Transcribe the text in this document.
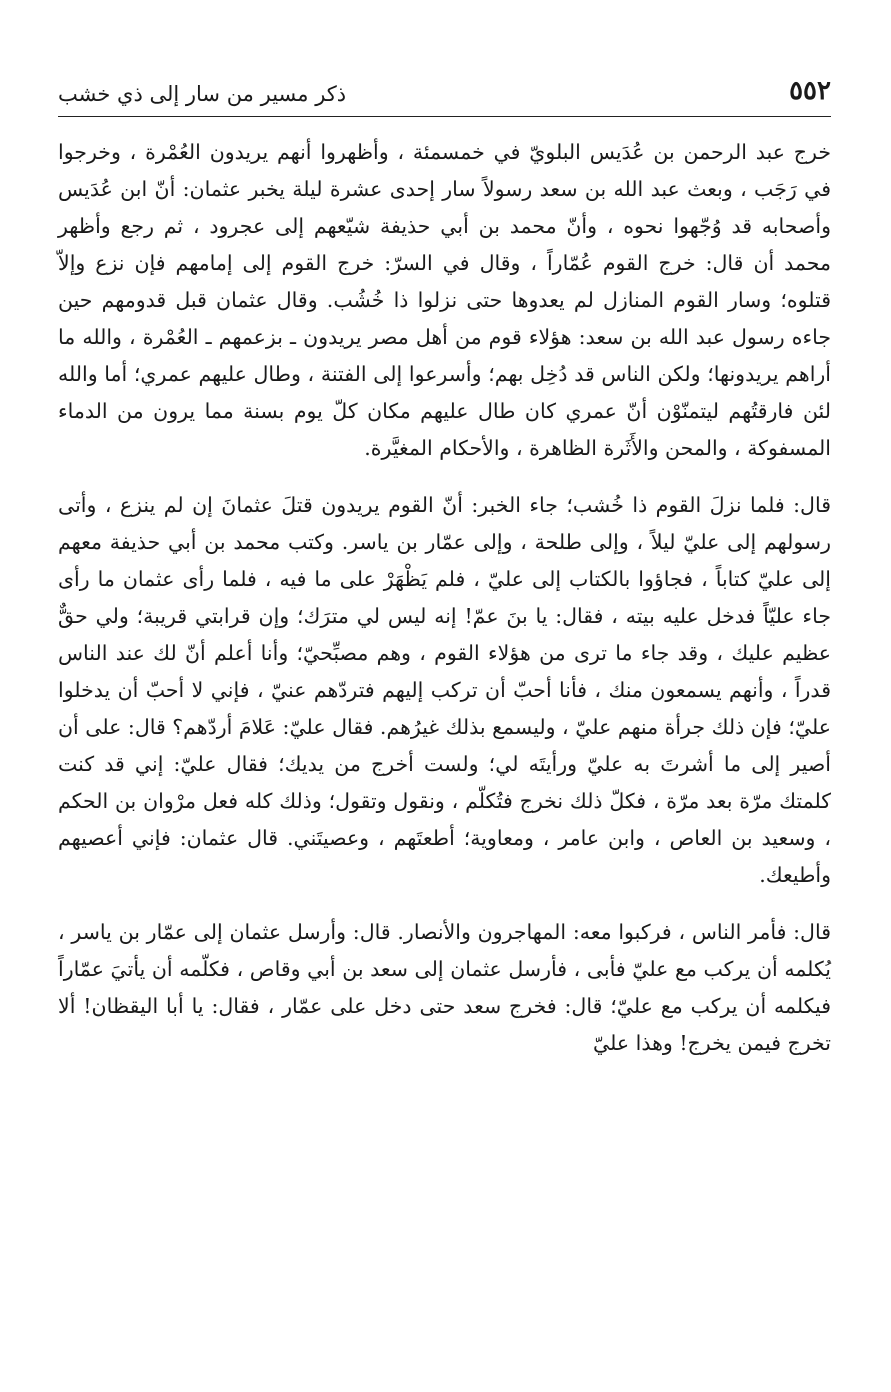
٥٥٢
ذكر مسير من سار إلى ذي خشب

خرج عبد الرحمن بن عُدَيس البلويّ في خمسمئة ، وأظهروا أنهم يريدون العُمْرة ، وخرجوا في رَجَب ، وبعث عبد الله بن سعد رسولاً سار إحدى عشرة ليلة يخبر عثمان: أنّ ابن عُدَيس وأصحابه قد وُجّهوا نحوه ، وأنّ محمد بن أبي حذيفة شيّعهم إلى عجرود ، ثم رجع وأظهر محمد أن قال: خرج القوم عُمّاراً ، وقال في السرّ: خرج القوم إلى إمامهم فإن نزع وإلاّ قتلوه؛ وسار القوم المنازل لم يعدوها حتى نزلوا ذا خُشُب. وقال عثمان قبل قدومهم حين جاءه رسول عبد الله بن سعد: هؤلاء قوم من أهل مصر يريدون ـ بزعمهم ـ العُمْرة ، والله ما أراهم يريدونها؛ ولكن الناس قد دُخِل بهم؛ وأسرعوا إلى الفتنة ، وطال عليهم عمري؛ أما والله لئن فارقتُهم ليتمنّوْن أنّ عمري كان طال عليهم مكان كلّ يوم بسنة مما يرون من الدماء المسفوكة ، والمحن والأَثَرة الظاهرة ، والأحكام المغيَّرة.

قال: فلما نزلَ القوم ذا خُشب؛ جاء الخبر: أنّ القوم يريدون قتلَ عثمانَ إن لم ينزع ، وأتى رسولهم إلى عليّ ليلاً ، وإلى طلحة ، وإلى عمّار بن ياسر. وكتب محمد بن أبي حذيفة معهم إلى عليّ كتاباً ، فجاؤوا بالكتاب إلى عليّ ، فلم يَظْهَرْ على ما فيه ، فلما رأى عثمان ما رأى جاء عليّاً فدخل عليه بيته ، فقال: يا بنَ عمّ! إنه ليس لي مترَك؛ وإن قرابتي قريبة؛ ولي حقٌّ عظيم عليك ، وقد جاء ما ترى من هؤلاء القوم ، وهم مصبِّحيّ؛ وأنا أعلم أنّ لك عند الناس قدراً ، وأنهم يسمعون منك ، فأنا أحبّ أن تركب إليهم فتردّهم عنيّ ، فإني لا أحبّ أن يدخلوا عليّ؛ فإن ذلك جرأة منهم عليّ ، وليسمع بذلك غيرُهم. فقال عليّ: عَلامَ أردّهم؟ قال: على أن أصير إلى ما أشرتَ به عليّ ورأيتَه لي؛ ولست أخرج من يديك؛ فقال عليّ: إني قد كنت كلمتك مرّة بعد مرّة ، فكلّ ذلك نخرج فتُكلّم ، ونقول وتقول؛ وذلك كله فعل مرْوان بن الحكم ، وسعيد بن العاص ، وابن عامر ، ومعاوية؛ أطعتَهم ، وعصيتَني. قال عثمان: فإني أعصيهم وأطيعك.

قال: فأمر الناس ، فركبوا معه: المهاجرون والأنصار. قال: وأرسل عثمان إلى عمّار بن ياسر ، يُكلمه أن يركب مع عليّ فأبى ، فأرسل عثمان إلى سعد بن أبي وقاص ، فكلّمه أن يأتيَ عمّاراً فيكلمه أن يركب مع عليّ؛ قال: فخرج سعد حتى دخل على عمّار ، فقال: يا أبا اليقظان! ألا تخرج فيمن يخرج! وهذا عليّ
